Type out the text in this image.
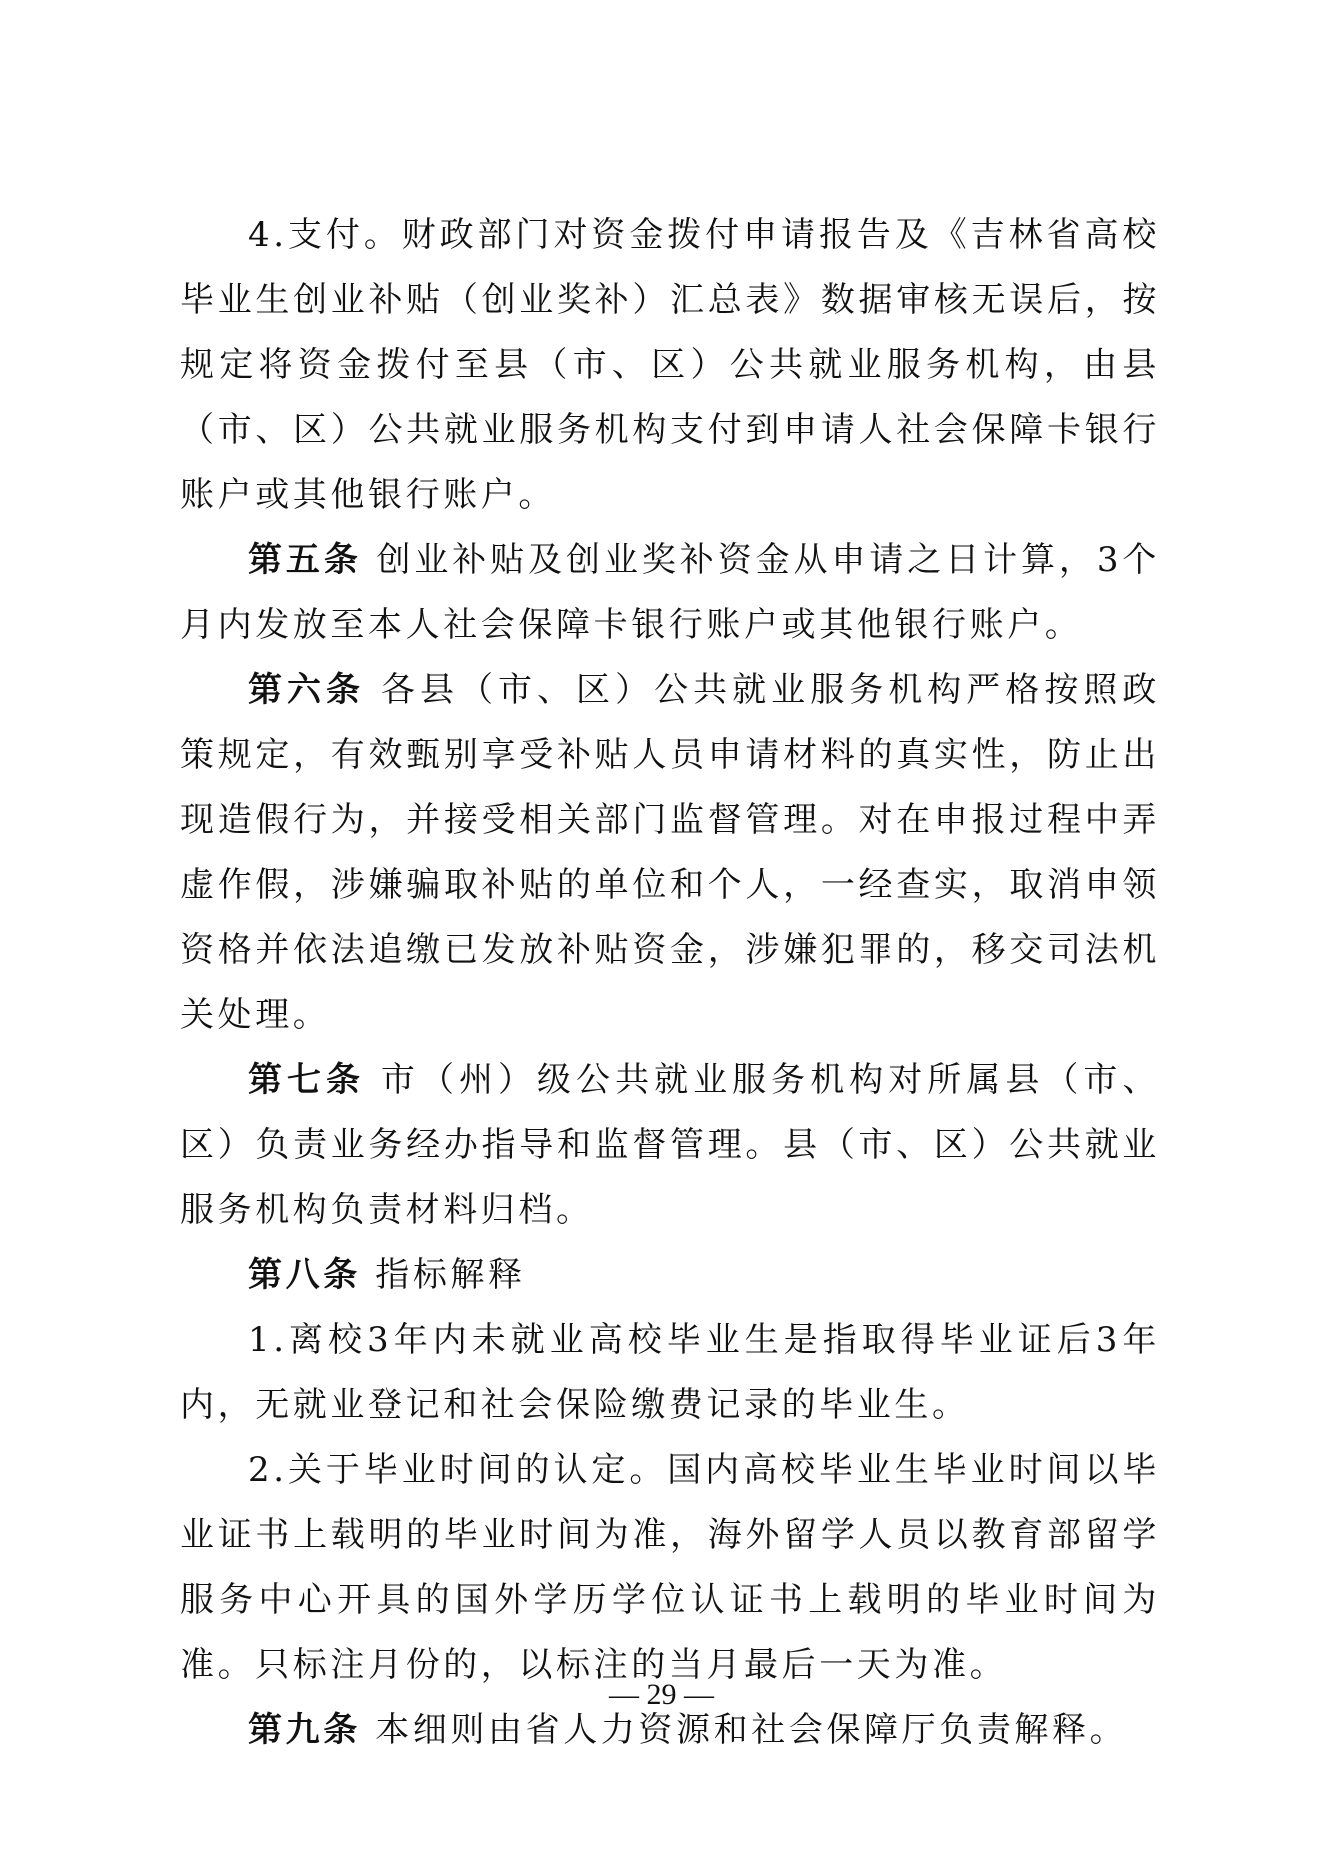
4.支付。财政部门对资金拨付申请报告及《吉林省高校毕业生创业补贴（创业奖补）汇总表》数据审核无误后，按规定将资金拨付至县（市、区）公共就业服务机构，由县（市、区）公共就业服务机构支付到申请人社会保障卡银行账户或其他银行账户。

第五条 创业补贴及创业奖补资金从申请之日计算，3个月内发放至本人社会保障卡银行账户或其他银行账户。

第六条 各县（市、区）公共就业服务机构严格按照政策规定，有效甄别享受补贴人员申请材料的真实性，防止出现造假行为，并接受相关部门监督管理。对在申报过程中弄虚作假，涉嫌骗取补贴的单位和个人，一经查实，取消申领资格并依法追缴已发放补贴资金，涉嫌犯罪的，移交司法机关处理。

第七条 市（州）级公共就业服务机构对所属县（市、区）负责业务经办指导和监督管理。县（市、区）公共就业服务机构负责材料归档。

第八条 指标解释

1.离校3年内未就业高校毕业生是指取得毕业证后3年内，无就业登记和社会保险缴费记录的毕业生。

2.关于毕业时间的认定。国内高校毕业生毕业时间以毕业证书上载明的毕业时间为准，海外留学人员以教育部留学服务中心开具的国外学历学位认证书上载明的毕业时间为准。只标注月份的，以标注的当月最后一天为准。

第九条 本细则由省人力资源和社会保障厅负责解释。

— 29 —
